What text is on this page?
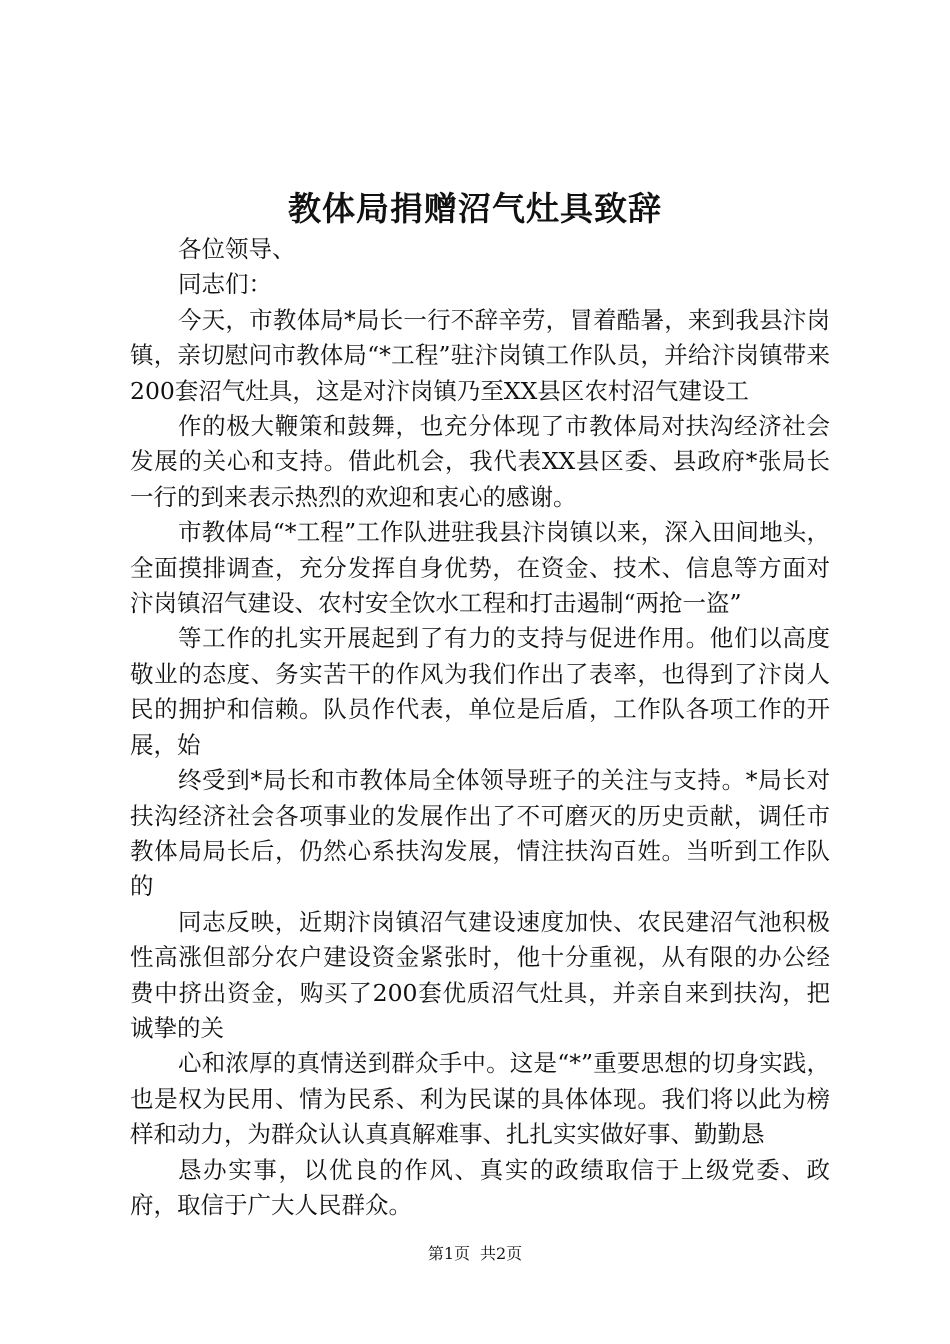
教体局捐赠沼气灶具致辞

各位领导、

同志们：

今天，市教体局*局长一行不辞辛劳，冒着酷暑，来到我县汴岗镇，亲切慰问市教体局“*工程”驻汴岗镇工作队员，并给汴岗镇带来200套沼气灶具，这是对汴岗镇乃至XX县区农村沼气建设工

作的极大鞭策和鼓舞，也充分体现了市教体局对扶沟经济社会发展的关心和支持。借此机会，我代表XX县区委、县政府*张局长一行的到来表示热烈的欢迎和衷心的感谢。

市教体局“*工程”工作队进驻我县汴岗镇以来，深入田间地头，全面摸排调查，充分发挥自身优势，在资金、技术、信息等方面对汴岗镇沼气建设、农村安全饮水工程和打击遏制“两抢一盗”

等工作的扎实开展起到了有力的支持与促进作用。他们以高度敬业的态度、务实苦干的作风为我们作出了表率，也得到了汴岗人民的拥护和信赖。队员作代表，单位是后盾，工作队各项工作的开展，始

终受到*局长和市教体局全体领导班子的关注与支持。*局长对扶沟经济社会各项事业的发展作出了不可磨灭的历史贡献，调任市教体局局长后，仍然心系扶沟发展，情注扶沟百姓。当听到工作队的

同志反映，近期汴岗镇沼气建设速度加快、农民建沼气池积极性高涨但部分农户建设资金紧张时，他十分重视，从有限的办公经费中挤出资金，购买了200套优质沼气灶具，并亲自来到扶沟，把诚挚的关

心和浓厚的真情送到群众手中。这是“*”重要思想的切身实践，也是权为民用、情为民系、利为民谋的具体体现。我们将以此为榜样和动力，为群众认认真真解难事、扎扎实实做好事、勤勤恳

恳办实事，以优良的作风、真实的政绩取信于上级党委、政府，取信于广大人民群众。

第1页 共2页
